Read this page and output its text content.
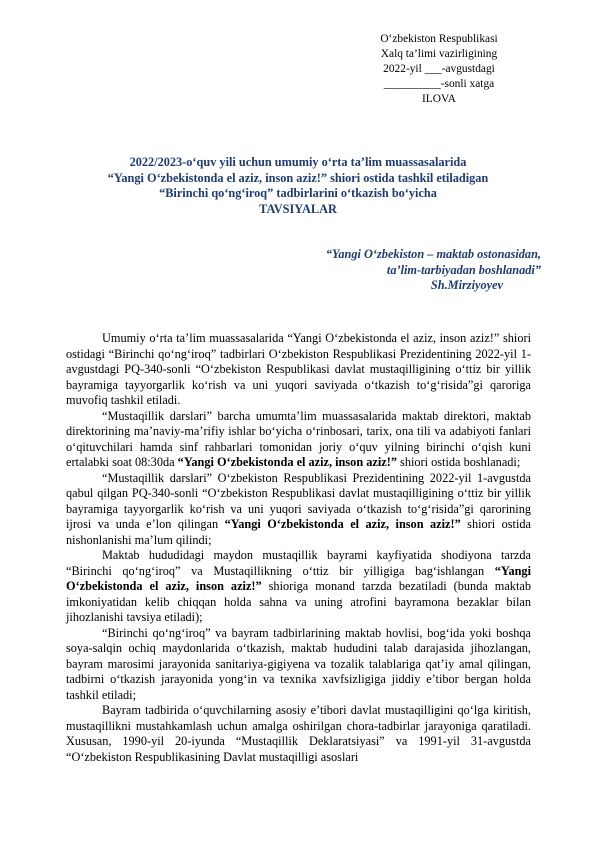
O‘zbekiston Respublikasi
Xalq ta’limi vazirligining
2022-yil ___-avgustdagi
__________-sonli xatga
ILOVA
2022/2023-o‘quv yili uchun umumiy o‘rta ta’lim muassasalarida
“Yangi O‘zbekistonda el aziz, inson aziz!” shiori ostida tashkil etiladigan
“Birinchi qo‘ng‘iroq” tadbirlarini o‘tkazish bo‘yicha
TAVSIYALAR
“Yangi O‘zbekiston – maktab ostonasidan,
ta’lim-tarbiyadan boshlanadi”
Sh.Mirziyoyev

Umumiy o‘rta ta’lim muassasalarida “Yangi O‘zbekistonda el aziz, inson aziz!” shiori ostidagi “Birinchi qo‘ng‘iroq” tadbirlari O‘zbekiston Respublikasi Prezidentining 2022-yil 1-avgustdagi PQ-340-sonli “O‘zbekiston Respublikasi davlat mustaqilligining o‘ttiz bir yillik bayramiga tayyorgarlik ko‘rish va uni yuqori saviyada o‘tkazish to‘g‘risida”gi qaroriga muvofiq tashkil etiladi.

“Mustaqillik darslari” barcha umumta’lim muassasalarida maktab direktori, maktab direktorining ma’naviy-ma’rifiy ishlar bo‘yicha o‘rinbosari, tarix, ona tili va adabiyoti fanlari o‘qituvchilari hamda sinf rahbarlari tomonidan joriy o‘quv yilning birinchi o‘qish kuni ertalabki soat 08:30da “Yangi O‘zbekistonda el aziz, inson aziz!” shiori ostida boshlanadi;

“Mustaqillik darslari” O‘zbekiston Respublikasi Prezidentining 2022-yil 1-avgustda qabul qilgan PQ-340-sonli “O‘zbekiston Respublikasi davlat mustaqilligining o‘ttiz bir yillik bayramiga tayyorgarlik ko‘rish va uni yuqori saviyada o‘tkazish to‘g‘risida”gi qarorining ijrosi va unda e’lon qilingan “Yangi O‘zbekistonda el aziz, inson aziz!” shiori ostida nishonlanishi ma’lum qilindi;

Maktab hududidagi maydon mustaqillik bayrami kayfiyatida shodiyona tarzda “Birinchi qo‘ng‘iroq” va Mustaqillikning o‘ttiz bir yilligiga bag‘ishlangan “Yangi O‘zbekistonda el aziz, inson aziz!” shioriga monand tarzda bezatiladi (bunda maktab imkoniyatidan kelib chiqqan holda sahna va uning atrofini bayramona bezaklar bilan jihozlanishi tavsiya etiladi);

“Birinchi qo‘ng‘iroq” va bayram tadbirlarining maktab hovlisi, bog‘ida yoki boshqa soya-salqin ochiq maydonlarida o‘tkazish, maktab hududini talab darajasida jihozlangan, bayram marosimi jarayonida sanitariya-gigiyena va tozalik talablariga qat’iy amal qilingan, tadbirni o‘tkazish jarayonida yong‘in va texnika xavfsizligiga jiddiy e’tibor bergan holda tashkil etiladi;

Bayram tadbirida o‘quvchilarning asosiy e’tibori davlat mustaqilligini qo‘lga kiritish, mustaqillikni mustahkamlash uchun amalga oshirilgan chora-tadbirlar jarayoniga qaratiladi. Xususan, 1990-yil 20-iyunda “Mustaqillik Deklaratsiyasi” va 1991-yil 31-avgustda “O‘zbekiston Respublikasining Davlat mustaqilligi asoslari
